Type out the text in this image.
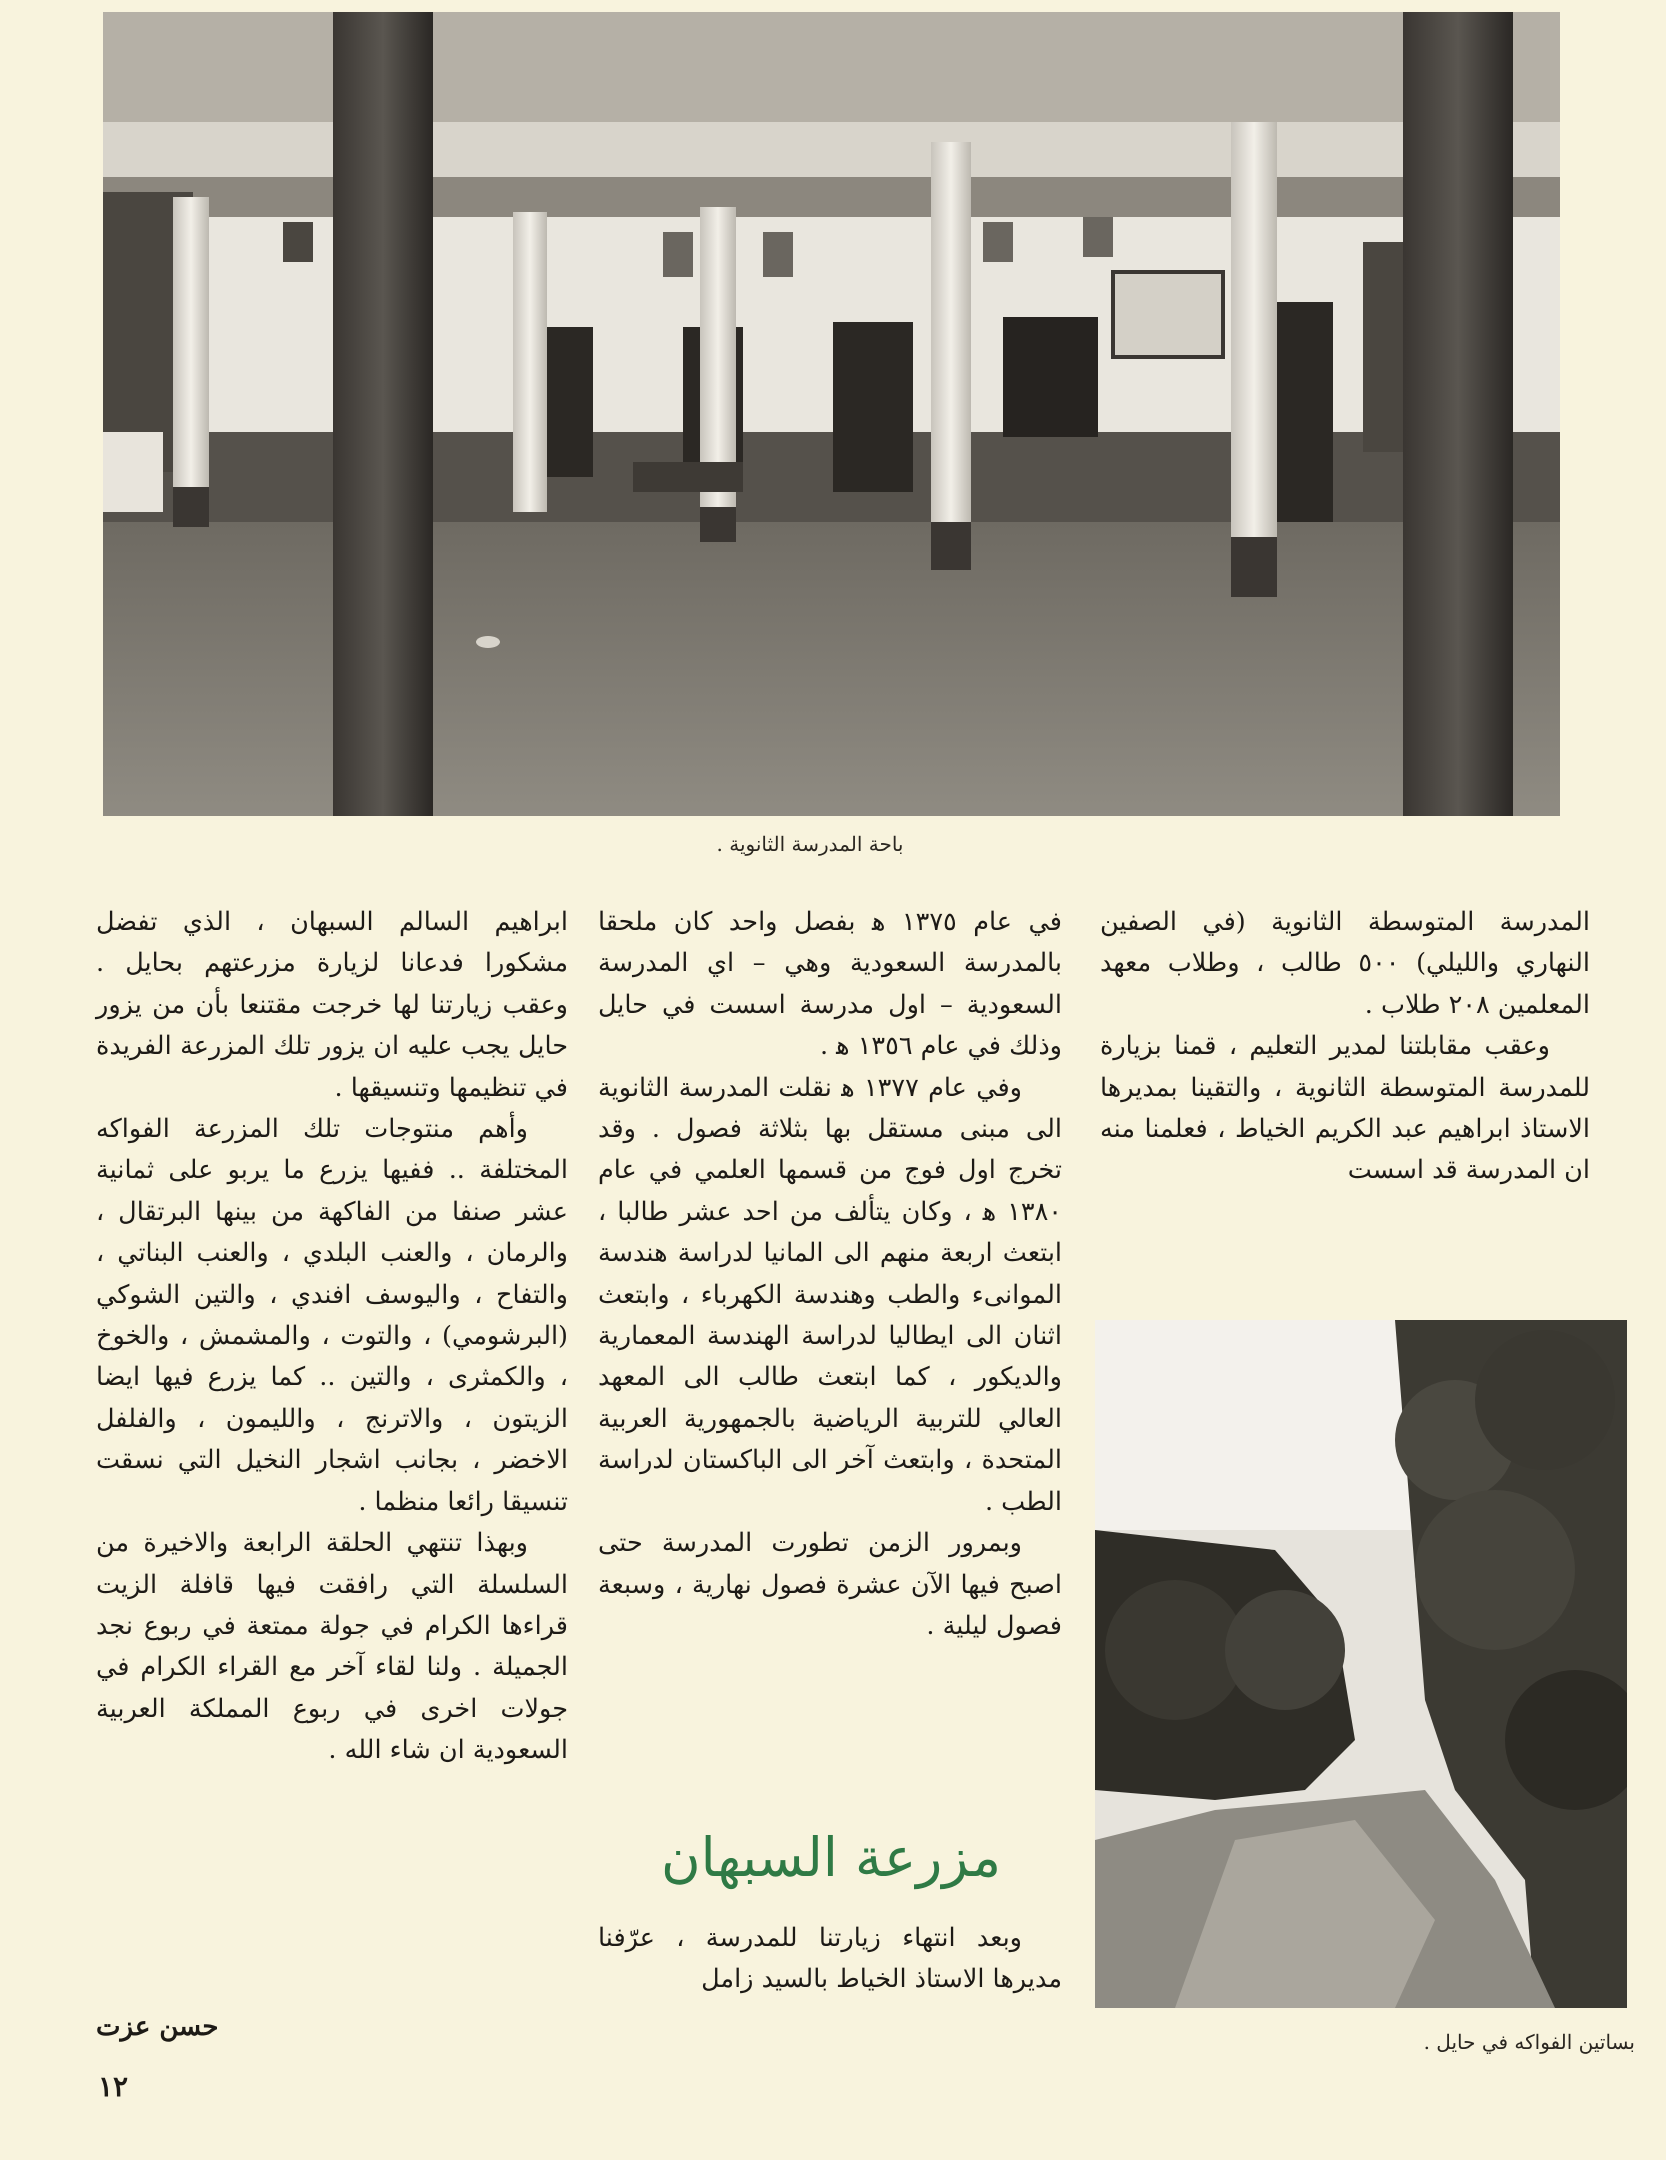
باحة المدرسة الثانوية .

المدرسة المتوسطة الثانوية (في الصفين النهاري والليلي) ٥٠٠ طالب ، وطلاب معهد المعلمين ٢٠٨ طلاب .

وعقب مقابلتنا لمدير التعليم ، قمنا بزيارة للمدرسة المتوسطة الثانوية ، والتقينا بمديرها الاستاذ ابراهيم عبد الكريم الخياط ، فعلمنا منه ان المدرسة قد اسست

في عام ١٣٧٥ ﻫ بفصل واحد كان ملحقا بالمدرسة السعودية وهي – اي المدرسة السعودية – اول مدرسة اسست في حايل وذلك في عام ١٣٥٦ ﻫ .

وفي عام ١٣٧٧ ﻫ نقلت المدرسة الثانوية الى مبنى مستقل بها بثلاثة فصول . وقد تخرج اول فوج من قسمها العلمي في عام ١٣٨٠ ﻫ ، وكان يتألف من احد عشر طالبا ، ابتعث اربعة منهم الى المانيا لدراسة هندسة الموانىء والطب وهندسة الكهرباء ، وابتعث اثنان الى ايطاليا لدراسة الهندسة المعمارية والديكور ، كما ابتعث طالب الى المعهد العالي للتربية الرياضية بالجمهورية العربية المتحدة ، وابتعث آخر الى الباكستان لدراسة الطب .

وبمرور الزمن تطورت المدرسة حتى اصبح فيها الآن عشرة فصول نهارية ، وسبعة فصول ليلية .

مزرعة السبهان

وبعد انتهاء زيارتنا للمدرسة ، عرّفنا مديرها الاستاذ الخياط بالسيد زامل

ابراهيم السالم السبهان ، الذي تفضل مشكورا فدعانا لزيارة مزرعتهم بحايل . وعقب زيارتنا لها خرجت مقتنعا بأن من يزور حايل يجب عليه ان يزور تلك المزرعة الفريدة في تنظيمها وتنسيقها .

وأهم منتوجات تلك المزرعة الفواكه المختلفة .. ففيها يزرع ما يربو على ثمانية عشر صنفا من الفاكهة من بينها البرتقال ، والرمان ، والعنب البلدي ، والعنب البناتي ، والتفاح ، واليوسف افندي ، والتين الشوكي (البرشومي) ، والتوت ، والمشمش ، والخوخ ، والكمثرى ، والتين .. كما يزرع فيها ايضا الزيتون ، والاترنج ، والليمون ، والفلفل الاخضر ، بجانب اشجار النخيل التي نسقت تنسيقا رائعا منظما .

وبهذا تنتهي الحلقة الرابعة والاخيرة من السلسلة التي رافقت فيها قافلة الزيت قراءها الكرام في جولة ممتعة في ربوع نجد الجميلة . ولنا لقاء آخر مع القراء الكرام في جولات اخرى في ربوع المملكة العربية السعودية ان شاء الله .

حسن عزت
١٢
بساتين الفواكه في حايل .
